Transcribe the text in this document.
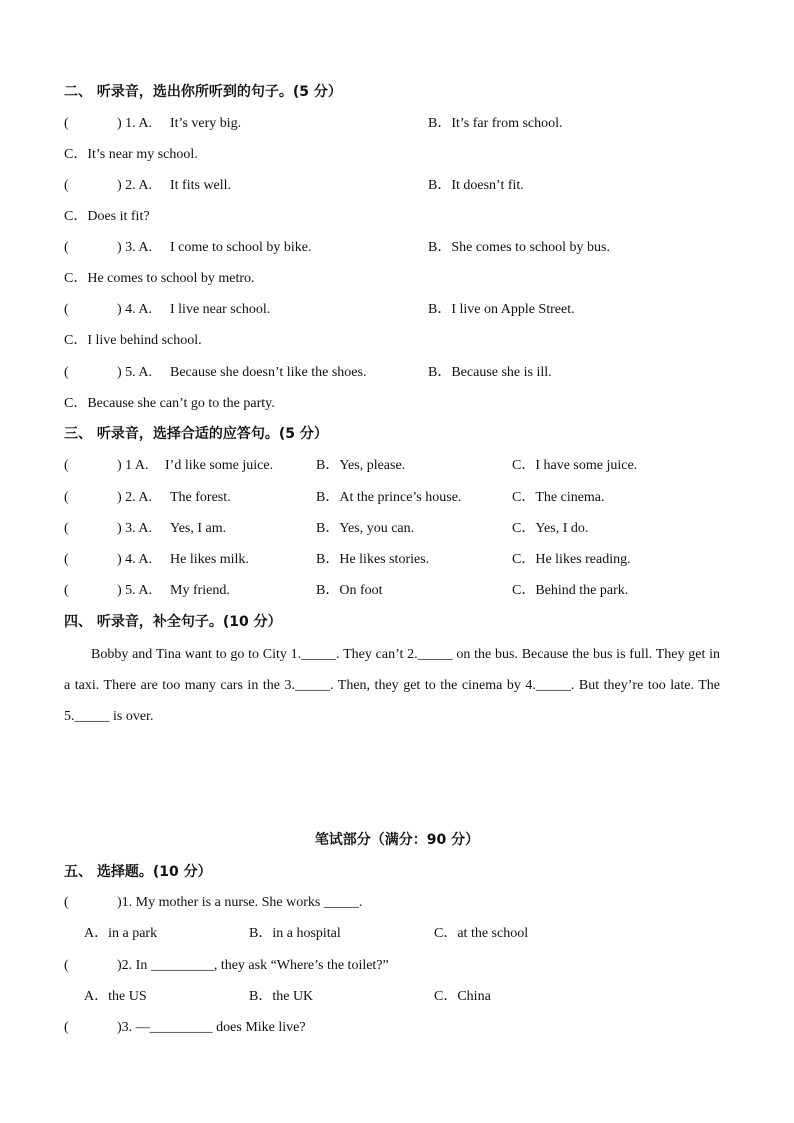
二、 听录音，选出你所听到的句子。(5 分）
(	) 1. A. It’s very big.	B．It’s far from school.
C．It’s near my school.
(	) 2. A. It fits well.	B．It doesn’t fit.
C．Does it fit?
(	) 3. A. I come to school by bike.	B．She comes to school by bus.
C．He comes to school by metro.
(	) 4. A. I live near school.	B．I live on Apple Street.
C．I live behind school.
(	) 5. A. Because she doesn’t like the shoes.	B．Because she is ill.
C．Because she can’t go to the party.
三、 听录音，选择合适的应答句。(5 分）
(	) 1 A. I’d like some juice.	B．Yes, please.	C．I have some juice.
(	) 2. A. The forest.	B．At the prince’s house.	C．The cinema.
(	) 3. A. Yes, I am.	B．Yes, you can.	C．Yes, I do.
(	) 4. A. He likes milk.	B．He likes stories.	C．He likes reading.
(	) 5. A. My friend.	B．On foot	C．Behind the park.
四、 听录音，补全句子。(10 分）

Bobby and Tina want to go to City 1._____. They can’t 2._____ on the bus. Because the bus is full. They get in a taxi. There are too many cars in the 3._____. Then, they get to the cinema by 4._____. But they’re too late. The 5._____ is over.

笔试部分（满分：90 分）
五、 选择题。(10 分）
(	)1. My mother is a nurse. She works _____.
A．in a park	B．in a hospital	C．at the school
(	)2. In _________, they ask “Where’s the toilet?”
A．the US	B．the UK	C．China
(	)3. —_________ does Mike live?
